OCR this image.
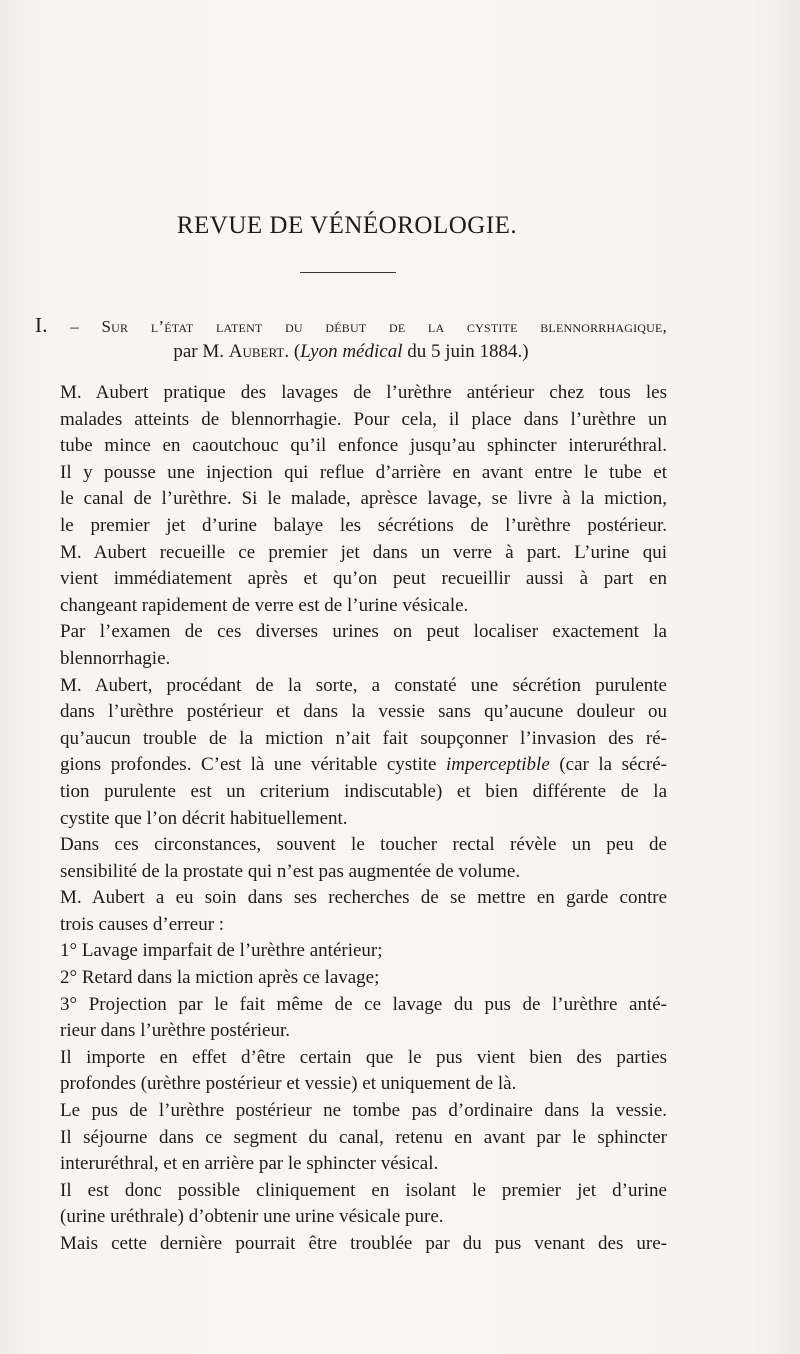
REVUE DE VÉNÉOROLOGIE.
I. – Sur l’état latent du début de la cystite blennorrhagique,
par M. Aubert. (Lyon médical du 5 juin 1884.)

M. Aubert pratique des lavages de l’urèthre antérieur chez tous les
malades atteints de blennorrhagie. Pour cela, il place dans l’urèthre un
tube mince en caoutchouc qu’il enfonce jusqu’au sphincter interuréthral.
Il y pousse une injection qui reflue d’arrière en avant entre le tube et
le canal de l’urèthre. Si le malade, aprèsce lavage, se livre à la miction,
le premier jet d’urine balaye les sécrétions de l’urèthre postérieur.
M. Aubert recueille ce premier jet dans un verre à part. L’urine qui
vient immédiatement après et qu’on peut recueillir aussi à part en
changeant rapidement de verre est de l’urine vésicale.

Par l’examen de ces diverses urines on peut localiser exactement la
blennorrhagie.

M. Aubert, procédant de la sorte, a constaté une sécrétion purulente
dans l’urèthre postérieur et dans la vessie sans qu’aucune douleur ou
qu’aucun trouble de la miction n’ait fait soupçonner l’invasion des ré-
gions profondes. C’est là une véritable cystite imperceptible (car la sécré-
tion purulente est un criterium indiscutable) et bien différente de la
cystite que l’on décrit habituellement.

Dans ces circonstances, souvent le toucher rectal révèle un peu de
sensibilité de la prostate qui n’est pas augmentée de volume.

M. Aubert a eu soin dans ses recherches de se mettre en garde contre
trois causes d’erreur :

1° Lavage imparfait de l’urèthre antérieur;

2° Retard dans la miction après ce lavage;

3° Projection par le fait même de ce lavage du pus de l’urèthre anté-
rieur dans l’urèthre postérieur.

Il importe en effet d’être certain que le pus vient bien des parties
profondes (urèthre postérieur et vessie) et uniquement de là.

Le pus de l’urèthre postérieur ne tombe pas d’ordinaire dans la vessie.
Il séjourne dans ce segment du canal, retenu en avant par le sphincter
interuréthral, et en arrière par le sphincter vésical.

Il est donc possible cliniquement en isolant le premier jet d’urine
(urine uréthrale) d’obtenir une urine vésicale pure.

Mais cette dernière pourrait être troublée par du pus venant des ure-
